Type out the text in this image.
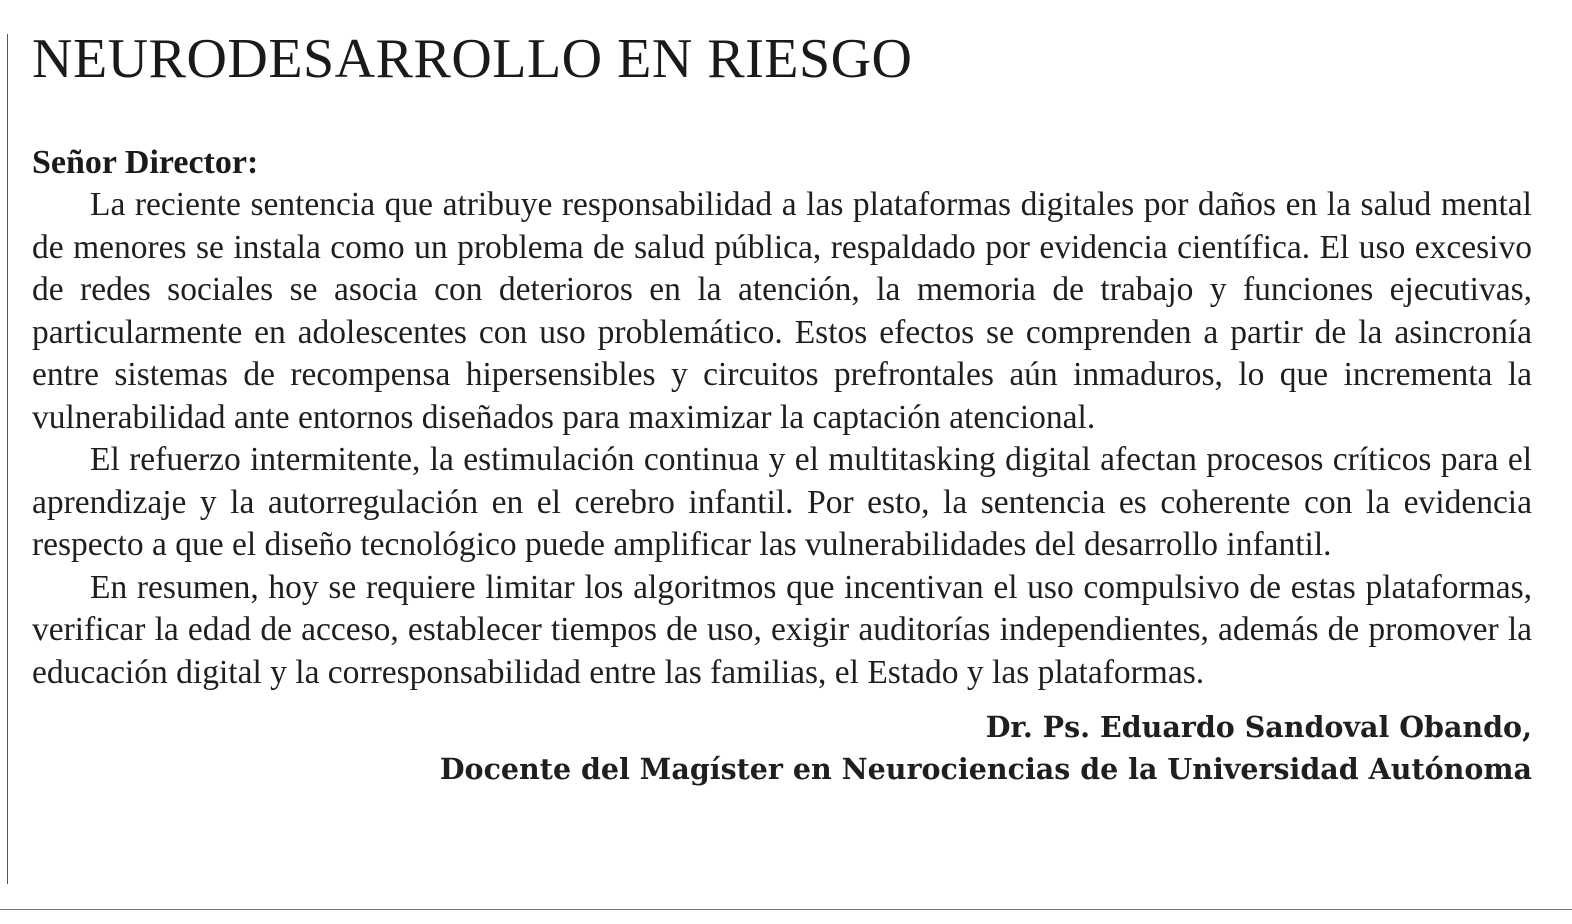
NEURODESARROLLO EN RIESGO
Señor Director:

La reciente sentencia que atribuye responsabilidad a las plataformas digitales por daños en la salud mental de menores se instala como un problema de salud pública, respaldado por evidencia científica. El uso excesivo de redes sociales se asocia con deterioros en la atención, la memoria de trabajo y funciones ejecutivas, particularmente en adolescentes con uso problemático. Estos efectos se comprenden a partir de la asincronía entre sistemas de recompensa hipersensibles y circuitos prefrontales aún inmaduros, lo que incrementa la vulnerabilidad ante entornos diseñados para maximizar la captación atencional.

El refuerzo intermitente, la estimulación continua y el multitasking digital afectan procesos críticos para el aprendizaje y la autorregulación en el cerebro infantil. Por esto, la sentencia es coherente con la evidencia respecto a que el diseño tecnológico puede amplificar las vulnerabilidades del desarrollo infantil.

En resumen, hoy se requiere limitar los algoritmos que incentivan el uso compulsivo de estas plataformas, verificar la edad de acceso, establecer tiempos de uso, exigir auditorías independientes, además de promover la educación digital y la corresponsabilidad entre las familias, el Estado y las plataformas.

Dr. Ps. Eduardo Sandoval Obando,
Docente del Magíster en Neurociencias de la Universidad Autónoma
